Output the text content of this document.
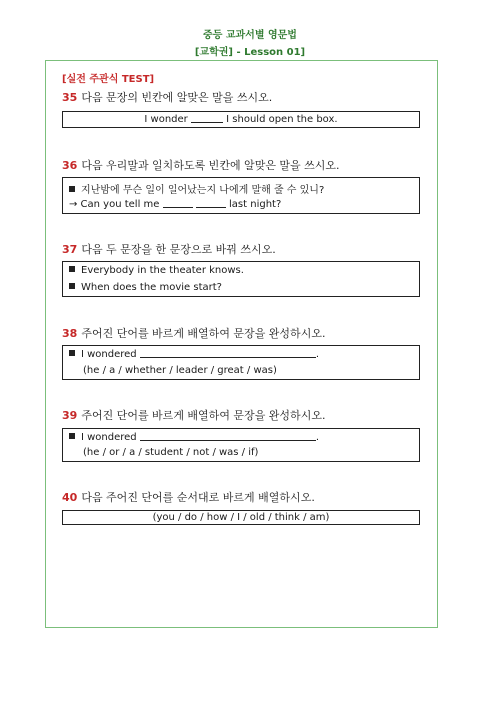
중등 교과서별 영문법
[교학권] - Lesson 01]
[실전 주관식 TEST]
35 다음 문장의 빈칸에 알맞은 말을 쓰시오.
I wonder	I should open the box.
36 다음 우리말과 일치하도록 빈칸에 알맞은 말을 쓰시오.
지난밤에 무슨 일이 일어났는지 나에게 말해 줄 수 있니?
→ Can you tell me	last night?
37 다음 두 문장을 한 문장으로 바꿔 쓰시오.
Everybody in the theater knows.
When does the movie start?
38 주어진 단어를 바르게 배열하여 문장을 완성하시오.
I wondered	.
(he / a / whether / leader / great / was)
39 주어진 단어를 바르게 배열하여 문장을 완성하시오.
I wondered	.
(he / or / a / student / not / was / if)
40 다음 주어진 단어를 순서대로 바르게 배열하시오.
(you / do / how / I / old / think / am)
